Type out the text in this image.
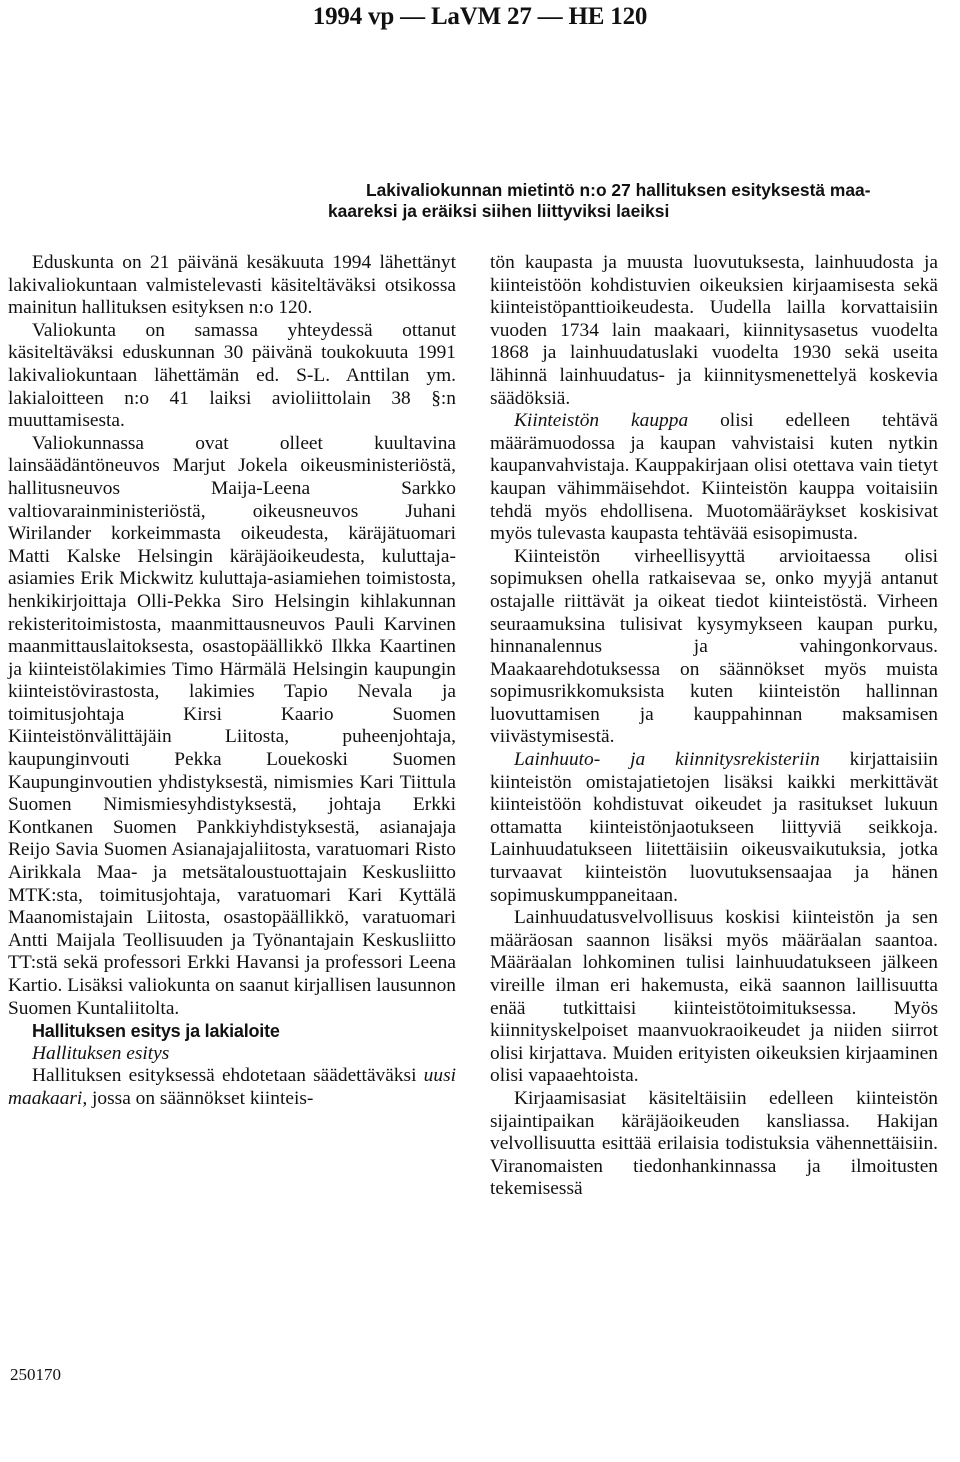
1994 vp — LaVM 27 — HE 120
Lakivaliokunnan mietintö n:o 27 hallituksen esityksestä maa-
kaareksi ja eräiksi siihen liittyviksi laeiksi

Eduskunta on 21 päivänä kesäkuuta 1994 lähettänyt lakivaliokuntaan valmistelevasti käsiteltäväksi otsikossa mainitun hallituksen esityksen n:o 120.

Valiokunta on samassa yhteydessä ottanut käsiteltäväksi eduskunnan 30 päivänä toukokuuta 1991 lakivaliokuntaan lähettämän ed. S-L. Anttilan ym. lakialoitteen n:o 41 laiksi avioliittolain 38 §:n muuttamisesta.

Valiokunnassa ovat olleet kuultavina lainsäädäntöneuvos Marjut Jokela oikeusministeriöstä, hallitusneuvos Maija-Leena Sarkko valtiovarainministeriöstä, oikeusneuvos Juhani Wirilander korkeimmasta oikeudesta, käräjätuomari Matti Kalske Helsingin käräjäoikeudesta, kuluttaja-asiamies Erik Mickwitz kuluttaja-asiamiehen toimistosta, henkikirjoittaja Olli-Pekka Siro Helsingin kihlakunnan rekisteritoimistosta, maanmittausneuvos Pauli Karvinen maanmittauslaitoksesta, osastopäällikkö Ilkka Kaartinen ja kiinteistölakimies Timo Härmälä Helsingin kaupungin kiinteistövirastosta, lakimies Tapio Nevala ja toimitusjohtaja Kirsi Kaario Suomen Kiinteistönvälittäjäin Liitosta, puheenjohtaja, kaupunginvouti Pekka Louekoski Suomen Kaupunginvoutien yhdistyksestä, nimismies Kari Tiittula Suomen Nimismiesyhdistyksestä, johtaja Erkki Kontkanen Suomen Pankkiyhdistyksestä, asianajaja Reijo Savia Suomen Asianajajaliitosta, varatuomari Risto Airikkala Maa- ja metsätaloustuottajain Keskusliitto MTK:sta, toimitusjohtaja, varatuomari Kari Kyttälä Maanomistajain Liitosta, osastopäällikkö, varatuomari Antti Maijala Teollisuuden ja Työnantajain Keskusliitto TT:stä sekä professori Erkki Havansi ja professori Leena Kartio. Lisäksi valiokunta on saanut kirjallisen lausunnon Suomen Kuntaliitolta.

Hallituksen esitys ja lakialoite

Hallituksen esitys

Hallituksen esityksessä ehdotetaan säädettäväksi uusi maakaari, jossa on säännökset kiinteis-

tön kaupasta ja muusta luovutuksesta, lainhuudosta ja kiinteistöön kohdistuvien oikeuksien kirjaamisesta sekä kiinteistöpanttioikeudesta. Uudella lailla korvattaisiin vuoden 1734 lain maakaari, kiinnitysasetus vuodelta 1868 ja lainhuudatuslaki vuodelta 1930 sekä useita lähinnä lainhuudatus- ja kiinnitysmenettelyä koskevia säädöksiä.

Kiinteistön kauppa olisi edelleen tehtävä määrämuodossa ja kaupan vahvistaisi kuten nytkin kaupanvahvistaja. Kauppakirjaan olisi otettava vain tietyt kaupan vähimmäisehdot. Kiinteistön kauppa voitaisiin tehdä myös ehdollisena. Muotomääräykset koskisivat myös tulevasta kaupasta tehtävää esisopimusta.

Kiinteistön virheellisyyttä arvioitaessa olisi sopimuksen ohella ratkaisevaa se, onko myyjä antanut ostajalle riittävät ja oikeat tiedot kiinteistöstä. Virheen seuraamuksina tulisivat kysymykseen kaupan purku, hinnanalennus ja vahingonkorvaus. Maakaarehdotuksessa on säännökset myös muista sopimusrikkomuksista kuten kiinteistön hallinnan luovuttamisen ja kauppahinnan maksamisen viivästymisestä.

Lainhuuto- ja kiinnitysrekisteriin kirjattaisiin kiinteistön omistajatietojen lisäksi kaikki merkittävät kiinteistöön kohdistuvat oikeudet ja rasitukset lukuun ottamatta kiinteistönjaotukseen liittyviä seikkoja. Lainhuudatukseen liitettäisiin oikeusvaikutuksia, jotka turvaavat kiinteistön luovutuksensaajaa ja hänen sopimuskumppaneitaan.

Lainhuudatusvelvollisuus koskisi kiinteistön ja sen määräosan saannon lisäksi myös määräalan saantoa. Määräalan lohkominen tulisi lainhuudatukseen jälkeen vireille ilman eri hakemusta, eikä saannon laillisuutta enää tutkittaisi kiinteistötoimituksessa. Myös kiinnityskelpoiset maanvuokraoikeudet ja niiden siirrot olisi kirjattava. Muiden erityisten oikeuksien kirjaaminen olisi vapaaehtoista.

Kirjaamisasiat käsiteltäisiin edelleen kiinteistön sijaintipaikan käräjäoikeuden kansliassa. Hakijan velvollisuutta esittää erilaisia todistuksia vähennettäisiin. Viranomaisten tiedonhankinnassa ja ilmoitusten tekemisessä

250170
